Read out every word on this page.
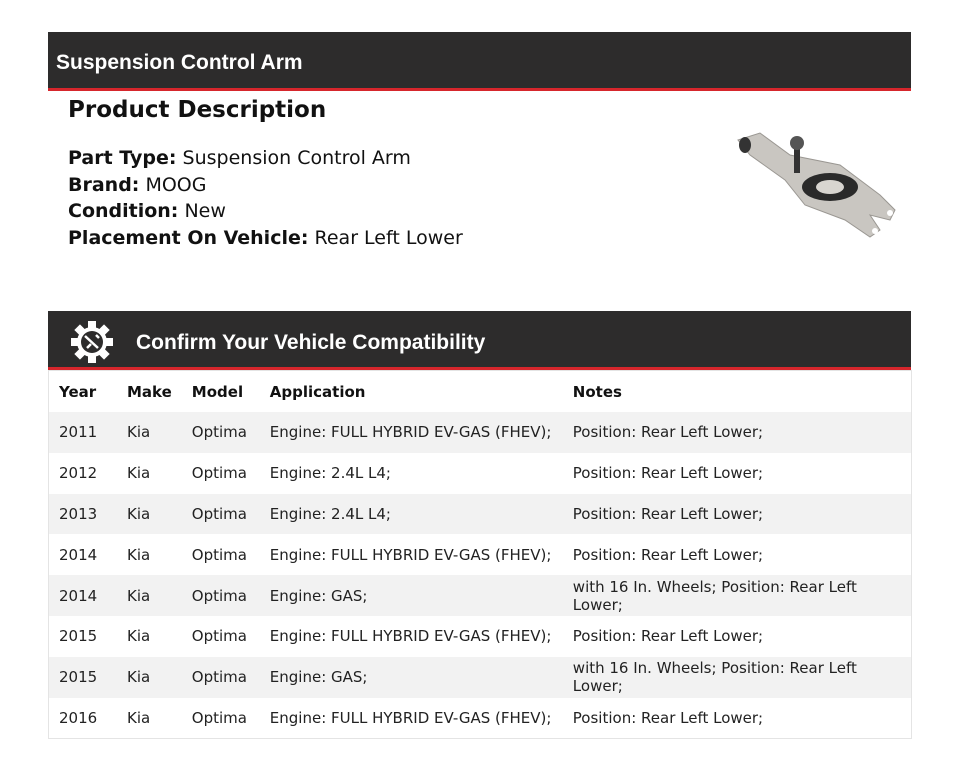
Suspension Control Arm
Product Description

Part Type: Suspension Control Arm

Brand: MOOG

Condition: New

Placement On Vehicle: Rear Left Lower

Confirm Your Vehicle Compatibility
Year	Make	Model	Application	Notes
2011	Kia	Optima	Engine: FULL HYBRID EV-GAS (FHEV);	Position: Rear Left Lower;
2012	Kia	Optima	Engine: 2.4L L4;	Position: Rear Left Lower;
2013	Kia	Optima	Engine: 2.4L L4;	Position: Rear Left Lower;
2014	Kia	Optima	Engine: FULL HYBRID EV-GAS (FHEV);	Position: Rear Left Lower;
2014	Kia	Optima	Engine: GAS;	with 16 In. Wheels; Position: Rear Left Lower;
2015	Kia	Optima	Engine: FULL HYBRID EV-GAS (FHEV);	Position: Rear Left Lower;
2015	Kia	Optima	Engine: GAS;	with 16 In. Wheels; Position: Rear Left Lower;
2016	Kia	Optima	Engine: FULL HYBRID EV-GAS (FHEV);	Position: Rear Left Lower;
